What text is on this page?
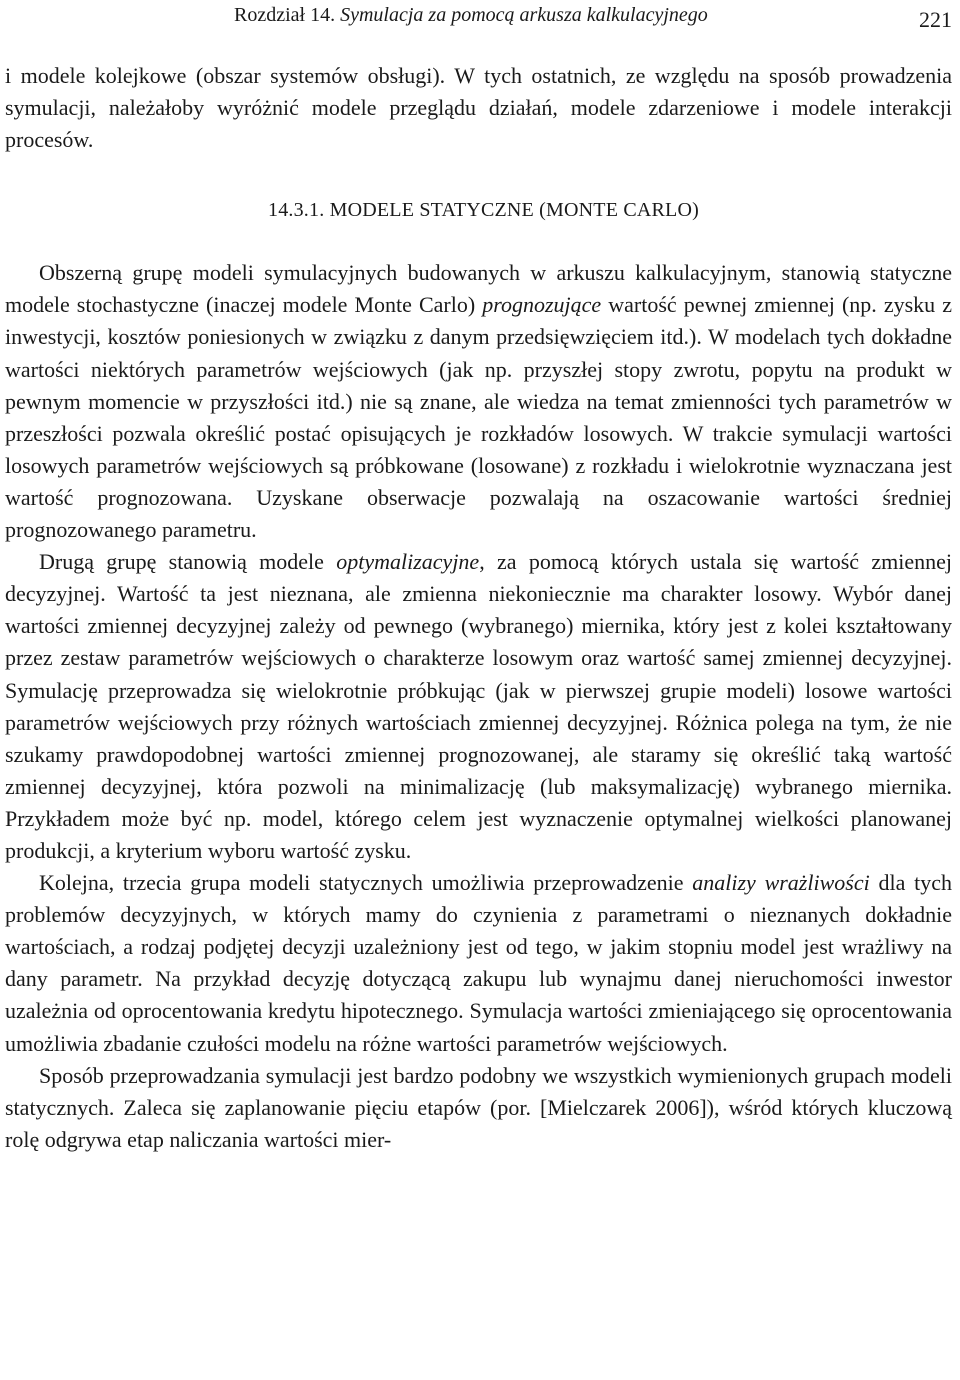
Rozdział 14. Symulacja za pomocą arkusza kalkulacyjnego	221

i modele kolejkowe (obszar systemów obsługi). W tych ostatnich, ze względu na sposób prowadzenia symulacji, należałoby wyróżnić modele przeglądu działań, modele zdarzeniowe i modele interakcji procesów.

14.3.1. MODELE STATYCZNE (MONTE CARLO)

Obszerną grupę modeli symulacyjnych budowanych w arkuszu kalkulacyjnym, stanowią statyczne modele stochastyczne (inaczej modele Monte Carlo) prognozujące wartość pewnej zmiennej (np. zysku z inwestycji, kosztów poniesionych w związku z danym przedsięwzięciem itd.). W modelach tych dokładne wartości niektórych parametrów wejściowych (jak np. przyszłej stopy zwrotu, popytu na produkt w pewnym momencie w przyszłości itd.) nie są znane, ale wiedza na temat zmienności tych parametrów w przeszłości pozwala określić postać opisujących je rozkładów losowych. W trakcie symulacji wartości losowych parametrów wejściowych są próbkowane (losowane) z rozkładu i wielokrotnie wyznaczana jest wartość prognozowana. Uzyskane obserwacje pozwalają na oszacowanie wartości średniej prognozowanego parametru.

Drugą grupę stanowią modele optymalizacyjne, za pomocą których ustala się wartość zmiennej decyzyjnej. Wartość ta jest nieznana, ale zmienna niekoniecznie ma charakter losowy. Wybór danej wartości zmiennej decyzyjnej zależy od pewnego (wybranego) miernika, który jest z kolei kształtowany przez zestaw parametrów wejściowych o charakterze losowym oraz wartość samej zmiennej decyzyjnej. Symulację przeprowadza się wielokrotnie próbkując (jak w pierwszej grupie modeli) losowe wartości parametrów wejściowych przy różnych wartościach zmiennej decyzyjnej. Różnica polega na tym, że nie szukamy prawdopodobnej wartości zmiennej prognozowanej, ale staramy się określić taką wartość zmiennej decyzyjnej, która pozwoli na minimalizację (lub maksymalizację) wybranego miernika. Przykładem może być np. model, którego celem jest wyznaczenie optymalnej wielkości planowanej produkcji, a kryterium wyboru wartość zysku.

Kolejna, trzecia grupa modeli statycznych umożliwia przeprowadzenie analizy wrażliwości dla tych problemów decyzyjnych, w których mamy do czynienia z parametrami o nieznanych dokładnie wartościach, a rodzaj podjętej decyzji uzależniony jest od tego, w jakim stopniu model jest wrażliwy na dany parametr. Na przykład decyzję dotyczącą zakupu lub wynajmu danej nieruchomości inwestor uzależnia od oprocentowania kredytu hipotecznego. Symulacja wartości zmieniającego się oprocentowania umożliwia zbadanie czułości modelu na różne wartości parametrów wejściowych.

Sposób przeprowadzania symulacji jest bardzo podobny we wszystkich wymienionych grupach modeli statycznych. Zaleca się zaplanowanie pięciu etapów (por. [Mielczarek 2006]), wśród których kluczową rolę odgrywa etap naliczania wartości mier-
